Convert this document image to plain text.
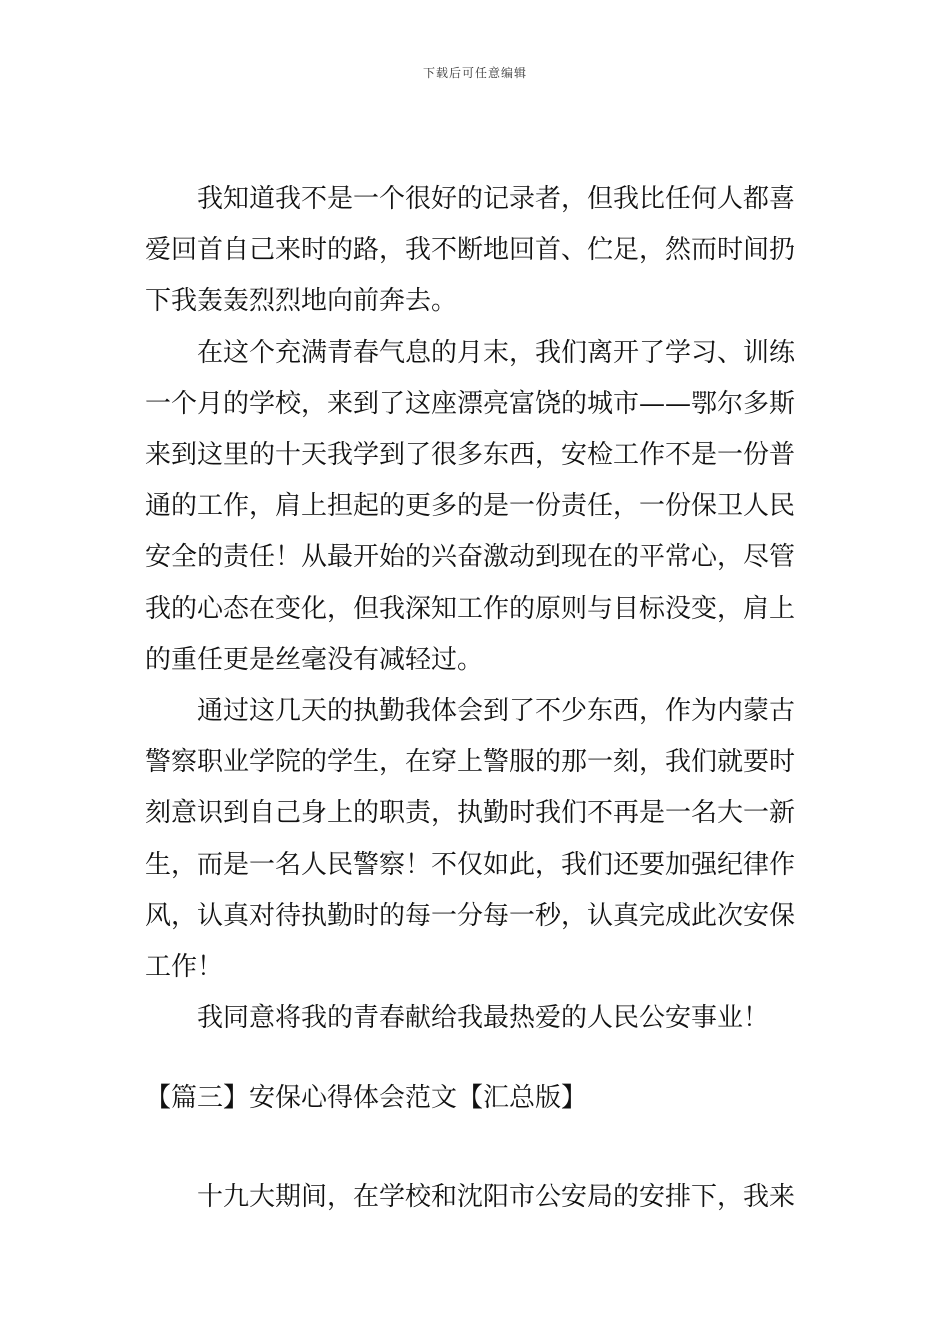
下载后可任意编辑
我知道我不是一个很好的记录者，但我比任何人都喜
爱回首自己来时的路，我不断地回首、伫足，然而时间扔
下我轰轰烈烈地向前奔去。
在这个充满青春气息的月末，我们离开了学习、训练
一个月的学校，来到了这座漂亮富饶的城市——鄂尔多斯
来到这里的十天我学到了很多东西，安检工作不是一份普
通的工作，肩上担起的更多的是一份责任，一份保卫人民
安全的责任！从最开始的兴奋激动到现在的平常心，尽管
我的心态在变化，但我深知工作的原则与目标没变，肩上
的重任更是丝毫没有减轻过。
通过这几天的执勤我体会到了不少东西，作为内蒙古
警察职业学院的学生，在穿上警服的那一刻，我们就要时
刻意识到自己身上的职责，执勤时我们不再是一名大一新
生，而是一名人民警察！不仅如此，我们还要加强纪律作
风，认真对待执勤时的每一分每一秒，认真完成此次安保
工作！
我同意将我的青春献给我最热爱的人民公安事业！
【篇三】安保心得体会范文【汇总版】
十九大期间，在学校和沈阳市公安局的安排下，我来
